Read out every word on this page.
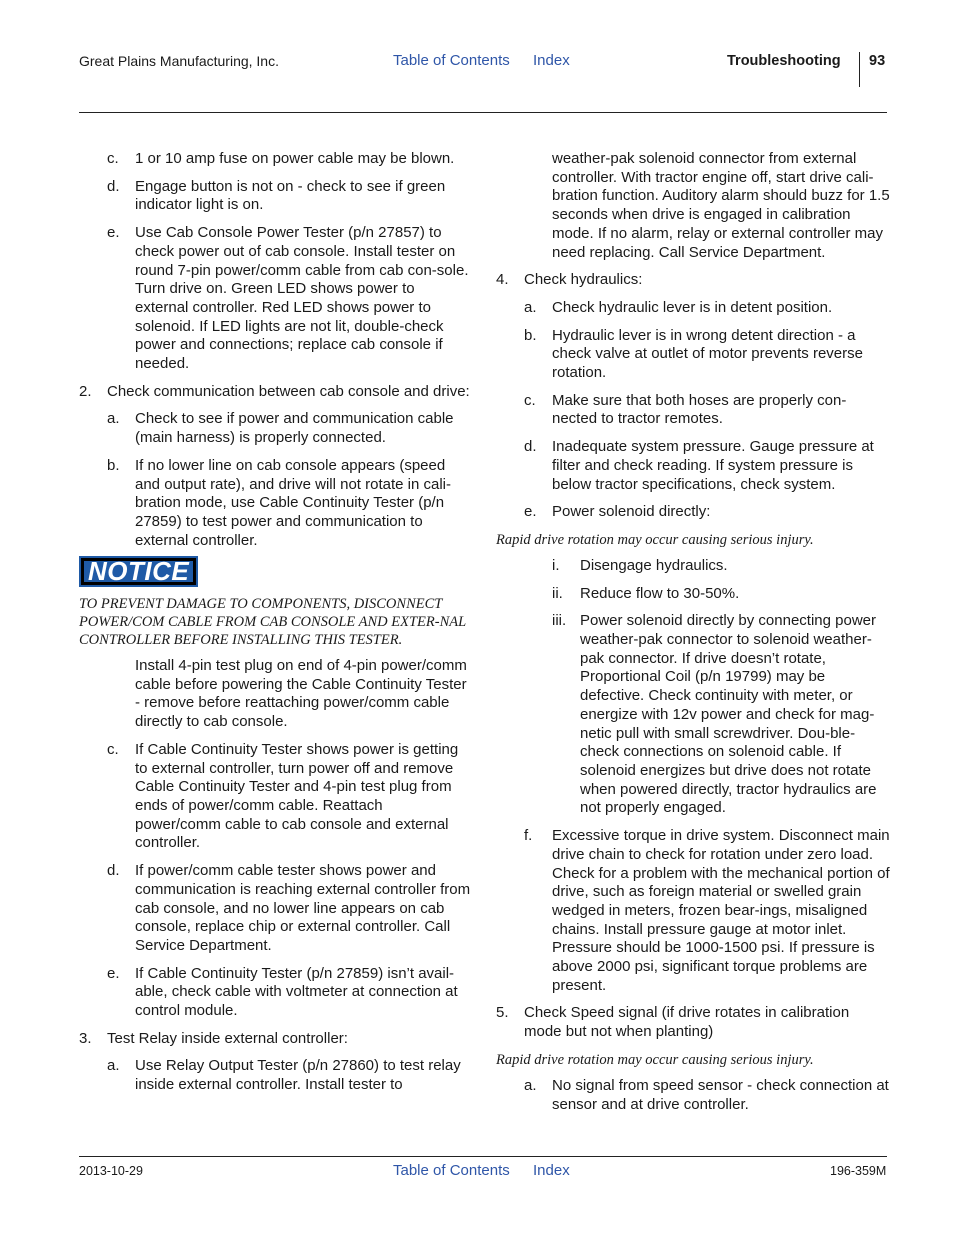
Great Plains Manufacturing, Inc.	Table of Contents Index	Troubleshooting 93
c. 1 or 10 amp fuse on power cable may be blown.
d. Engage button is not on - check to see if green indicator light is on.
e. Use Cab Console Power Tester (p/n 27857) to check power out of cab console. Install tester on round 7-pin power/comm cable from cab con-sole. Turn drive on. Green LED shows power to external controller. Red LED shows power to solenoid. If LED lights are not lit, double-check power and connections; replace cab console if needed.
2. Check communication between cab console and drive:
a. Check to see if power and communication cable (main harness) is properly connected.
b. If no lower line on cab console appears (speed and output rate), and drive will not rotate in cali-bration mode, use Cable Continuity Tester (p/n 27859) to test power and communication to external controller.
NOTICE
TO PREVENT DAMAGE TO COMPONENTS, DISCONNECT POWER/COM CABLE FROM CAB CONSOLE AND EXTER-NAL CONTROLLER BEFORE INSTALLING THIS TESTER.
Install 4-pin test plug on end of 4-pin power/comm cable before powering the Cable Continuity Tester - remove before reattaching power/comm cable directly to cab console.
c. If Cable Continuity Tester shows power is getting to external controller, turn power off and remove Cable Continuity Tester and 4-pin test plug from ends of power/comm cable. Reattach power/comm cable to cab console and external controller.
d. If power/comm cable tester shows power and communication is reaching external controller from cab console, and no lower line appears on cab console, replace chip or external controller. Call Service Department.
e. If Cable Continuity Tester (p/n 27859) isn’t avail-able, check cable with voltmeter at connection at control module.
3. Test Relay inside external controller:
a. Use Relay Output Tester (p/n 27860) to test relay inside external controller. Install tester to
weather-pak solenoid connector from external controller. With tractor engine off, start drive cali-bration function. Auditory alarm should buzz for 1.5 seconds when drive is engaged in calibration mode. If no alarm, relay or external controller may need replacing. Call Service Department.
4. Check hydraulics:
a. Check hydraulic lever is in detent position.
b. Hydraulic lever is in wrong detent direction - a check valve at outlet of motor prevents reverse rotation.
c. Make sure that both hoses are properly con-nected to tractor remotes.
d. Inadequate system pressure. Gauge pressure at filter and check reading. If system pressure is below tractor specifications, check system.
e. Power solenoid directly:
Rapid drive rotation may occur causing serious injury.
i. Disengage hydraulics.
ii. Reduce flow to 30-50%.
iii. Power solenoid directly by connecting power weather-pak connector to solenoid weather-pak connector. If drive doesn’t rotate, Proportional Coil (p/n 19799) may be defective. Check continuity with meter, or energize with 12v power and check for mag-netic pull with small screwdriver. Dou-ble-check connections on solenoid cable. If solenoid energizes but drive does not rotate when powered directly, tractor hydraulics are not properly engaged.
f. Excessive torque in drive system. Disconnect main drive chain to check for rotation under zero load. Check for a problem with the mechanical portion of drive, such as foreign material or swelled grain wedged in meters, frozen bear-ings, misaligned chains. Install pressure gauge at motor inlet. Pressure should be 1000-1500 psi. If pressure is above 2000 psi, significant torque problems are present.
5. Check Speed signal (if drive rotates in calibration mode but not when planting)
Rapid drive rotation may occur causing serious injury.
a. No signal from speed sensor - check connection at sensor and at drive controller.
2013-10-29	Table of Contents Index	196-359M
